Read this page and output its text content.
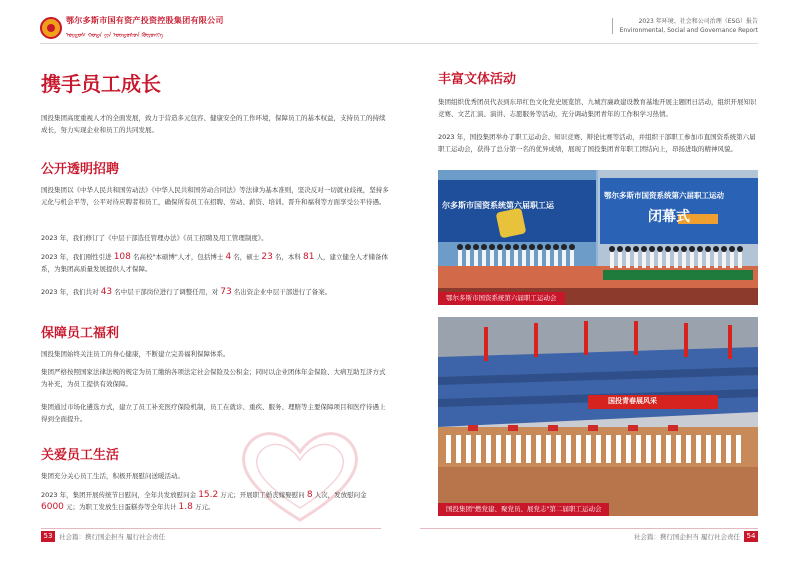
鄂尔多斯市国有资产投资控股集团有限公司
ᠣᠷᠳᠣᠰ ᠬᠣᠲᠠ ᠶᠢᠨ ᠦᠨᠳᠦᠰᠦᠨ ᠬᠥᠷᠥᠩᠭᠡ
2023 年环境、社会和公司治理（ESG）报告
Environmental, Social and Governance Report
携手员工成长
国投集团高度重视人才的全面发展，致力于营造多元包容、健康安全的工作环境，保障员工的基本权益，支持员工的持续成长，努力实现企业和员工的共同发展。
公开透明招聘
国投集团以《中华人民共和国劳动法》《中华人民共和国劳动合同法》等法律为基本准则，坚决反对一切就业歧视，坚持多元化与机会平等，公平对待应聘者和员工，确保所有员工在招聘、劳动、薪资、培训、晋升和福利等方面享受公平待遇。
2023 年，我们修订了《中层干部选任管理办法》《员工招聘及用工管理制度》。
2023 年，我们刚性引进 108 名高校"本硕博"人才，包括博士 4 名，硕士 23 名，本科 81 人，建立健全人才储备体系，为集团高质量发展提供人才保障。
2023 年，我们共对 43 名中层干部岗位进行了调整任用，对 73 名出资企业中层干部进行了备案。
保障员工福利
国投集团始终关注员工的身心健康，不断建立完善福利保障体系。
集团严格按照国家法律法规的规定为员工缴纳各项法定社会保险及公积金；同时以企业团体年金保险、大病互助互济方式为补充，为员工提供有效保障。
集团通过市场化遴选方式，建立了员工补充医疗保险机制，员工在就诊、重疾、服务、理赔等主要保障项目和医疗待遇上得到全面提升。
关爱员工生活
集团充分关心员工生活，积极开展慰问送暖活动。
2023 年，集团开展传统节日慰问，全年共发放慰问金 15.2 万元；开展职工婚丧嫁娶慰问 8 人次，发放慰问金 6000 元；为职工发放生日蛋糕券等全年共计 1.8 万元。
丰富文体活动
集团组织优秀团员代表到东昂红色文化党史展览馆、九城宫廉政建设教育基地开展主题团日活动，组织开展知识竞赛、文艺汇演、演讲、志愿服务等活动，充分调动集团青年的工作积学习热情。
2023 年，国投集团举办了职工运动会、知识竞赛、辩论比赛等活动，并组织干部职工参加市直国资系统第六届职工运动会，获得了总分第一名的优异成绩，展现了国投集团青年职工团结向上，昂扬进取的精神风貌。
尔多斯市国资系统第六届职工运
鄂尔多斯市国资系统第六届职工运动
闭幕式
鄂尔多斯市国资系统第六届职工运动会
国投青春展风采
国投集团"燃党建、聚党员、展党志"第二届职工运动会
53	社会篇：携行国企担当 履行社会责任	社会篇：携行国企担当 履行社会责任 54
